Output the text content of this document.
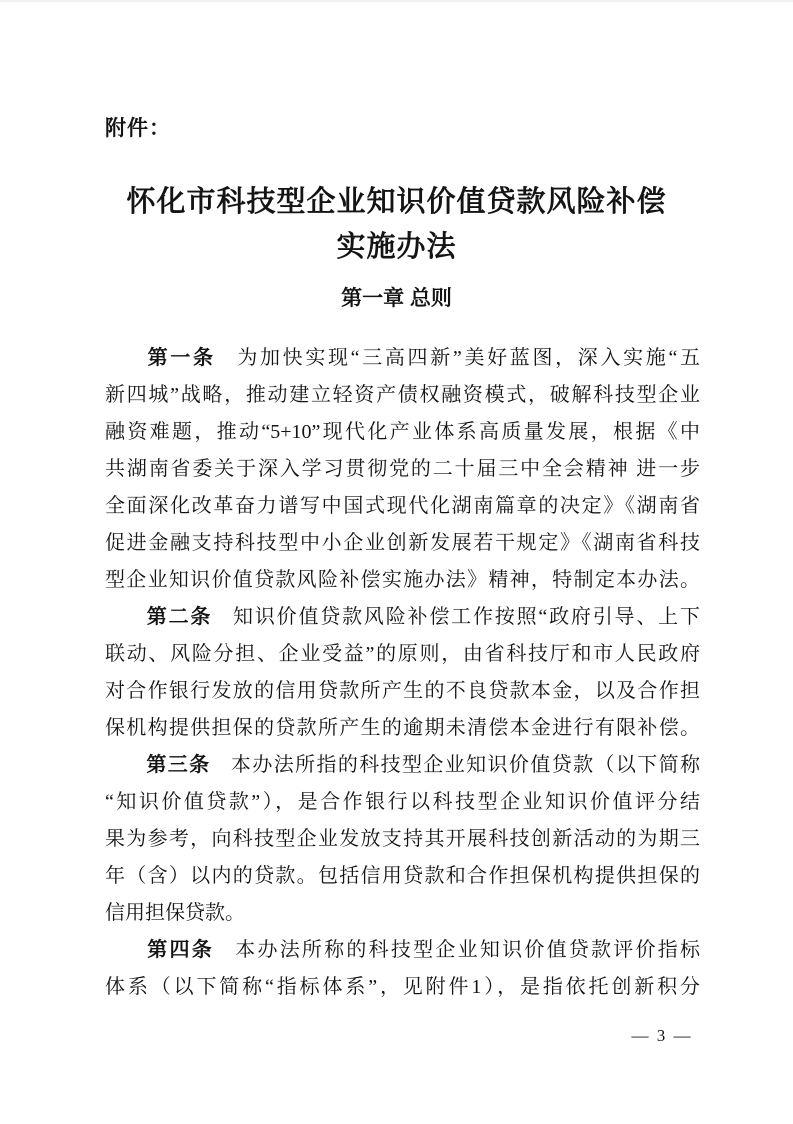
附件：
怀化市科技型企业知识价值贷款风险补偿
实施办法
第一章 总则
第一条 为加快实现“三高四新”美好蓝图，深入实施“五
新四城”战略，推动建立轻资产债权融资模式，破解科技型企业
融资难题，推动“5+10”现代化产业体系高质量发展，根据《中
共湖南省委关于深入学习贯彻党的二十届三中全会精神 进一步
全面深化改革奋力谱写中国式现代化湖南篇章的决定》《湖南省
促进金融支持科技型中小企业创新发展若干规定》《湖南省科技
型企业知识价值贷款风险补偿实施办法》精神，特制定本办法。
第二条 知识价值贷款风险补偿工作按照“政府引导、上下
联动、风险分担、企业受益”的原则，由省科技厅和市人民政府
对合作银行发放的信用贷款所产生的不良贷款本金，以及合作担
保机构提供担保的贷款所产生的逾期未清偿本金进行有限补偿。
第三条 本办法所指的科技型企业知识价值贷款（以下简称
“知识价值贷款”），是合作银行以科技型企业知识价值评分结
果为参考，向科技型企业发放支持其开展科技创新活动的为期三
年（含）以内的贷款。包括信用贷款和合作担保机构提供担保的
信用担保贷款。
第四条 本办法所称的科技型企业知识价值贷款评价指标
体系（以下简称“指标体系”，见附件1），是指依托创新积分
— 3 —
